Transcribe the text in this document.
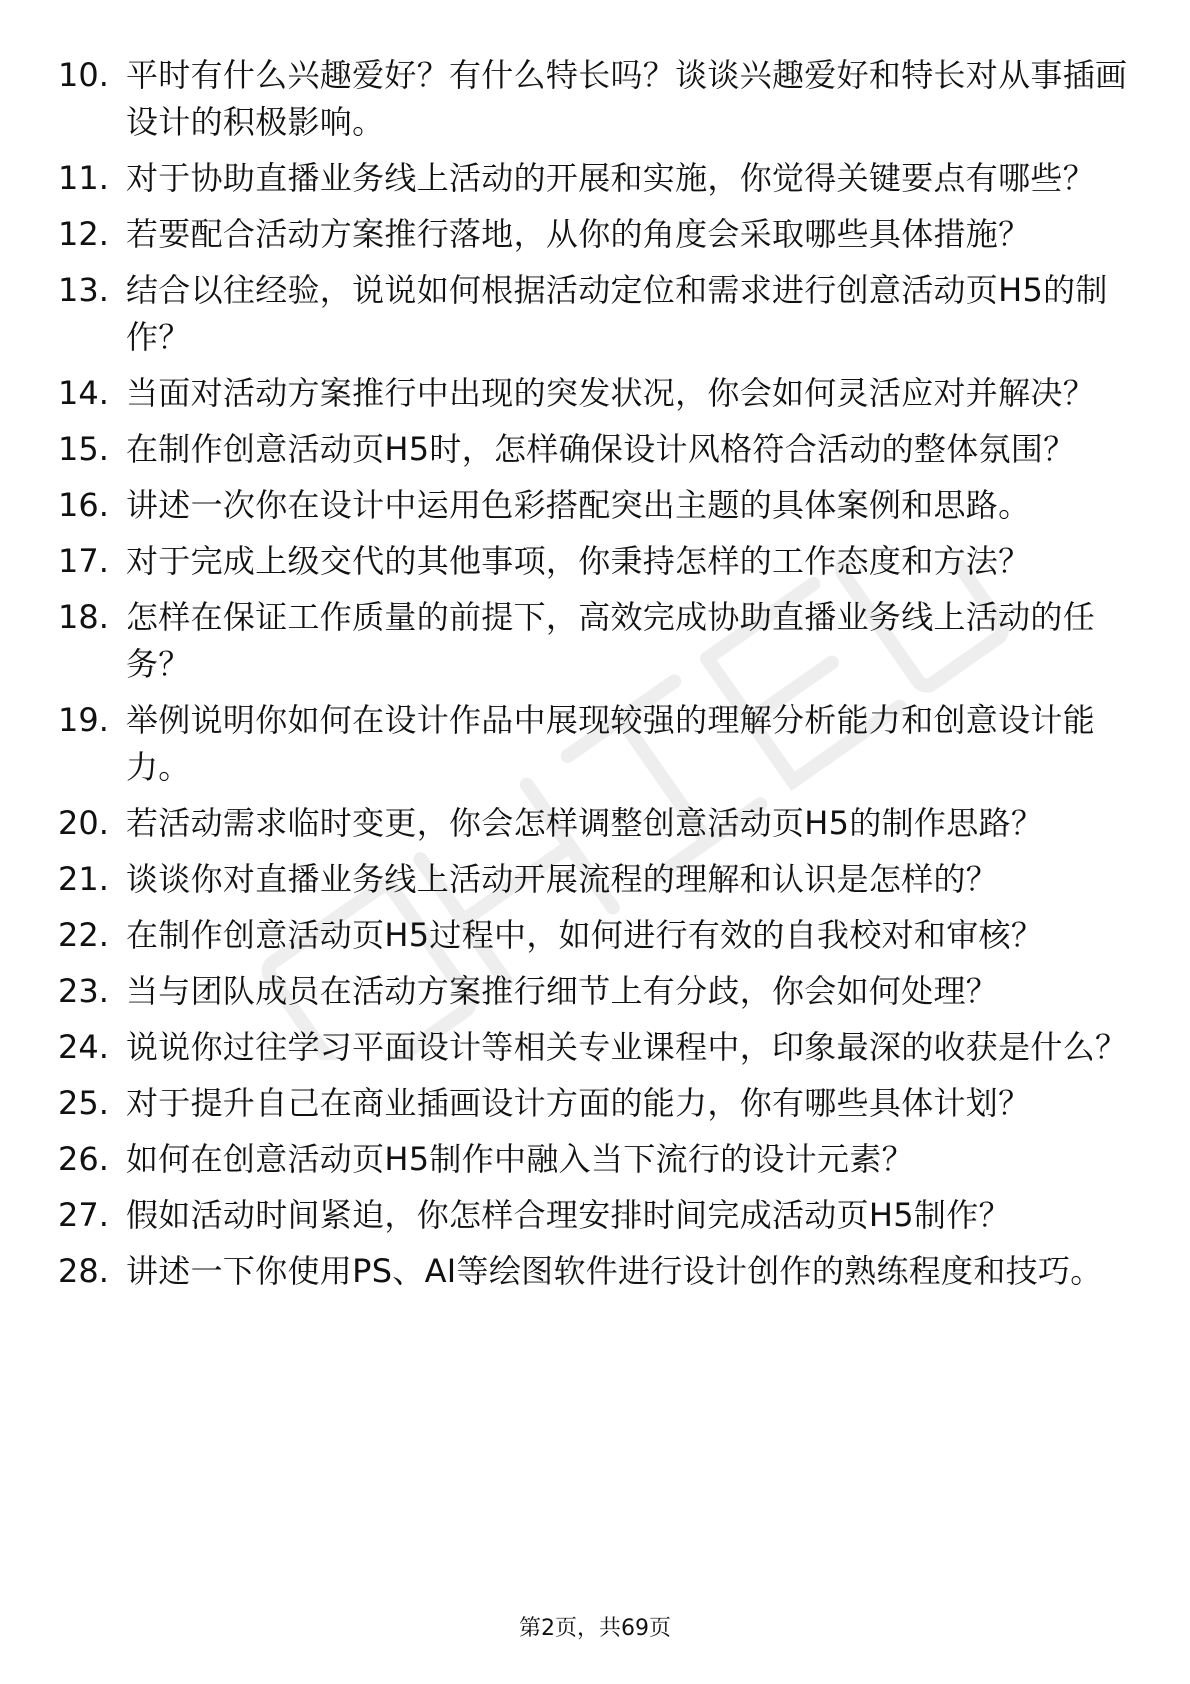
10. 平时有什么兴趣爱好？有什么特长吗？谈谈兴趣爱好和特长对从事插画设计的积极影响。
11. 对于协助直播业务线上活动的开展和实施，你觉得关键要点有哪些？
12. 若要配合活动方案推行落地，从你的角度会采取哪些具体措施？
13. 结合以往经验，说说如何根据活动定位和需求进行创意活动页H5的制作？
14. 当面对活动方案推行中出现的突发状况，你会如何灵活应对并解决？
15. 在制作创意活动页H5时，怎样确保设计风格符合活动的整体氛围？
16. 讲述一次你在设计中运用色彩搭配突出主题的具体案例和思路。
17. 对于完成上级交代的其他事项，你秉持怎样的工作态度和方法？
18. 怎样在保证工作质量的前提下，高效完成协助直播业务线上活动的任务？
19. 举例说明你如何在设计作品中展现较强的理解分析能力和创意设计能力。
20. 若活动需求临时变更，你会怎样调整创意活动页H5的制作思路？
21. 谈谈你对直播业务线上活动开展流程的理解和认识是怎样的？
22. 在制作创意活动页H5过程中，如何进行有效的自我校对和审核？
23. 当与团队成员在活动方案推行细节上有分歧，你会如何处理？
24. 说说你过往学习平面设计等相关专业课程中，印象最深的收获是什么？
25. 对于提升自己在商业插画设计方面的能力，你有哪些具体计划？
26. 如何在创意活动页H5制作中融入当下流行的设计元素？
27. 假如活动时间紧迫，你怎样合理安排时间完成活动页H5制作？
28. 讲述一下你使用PS、AI等绘图软件进行设计创作的熟练程度和技巧。
第2页，共69页
